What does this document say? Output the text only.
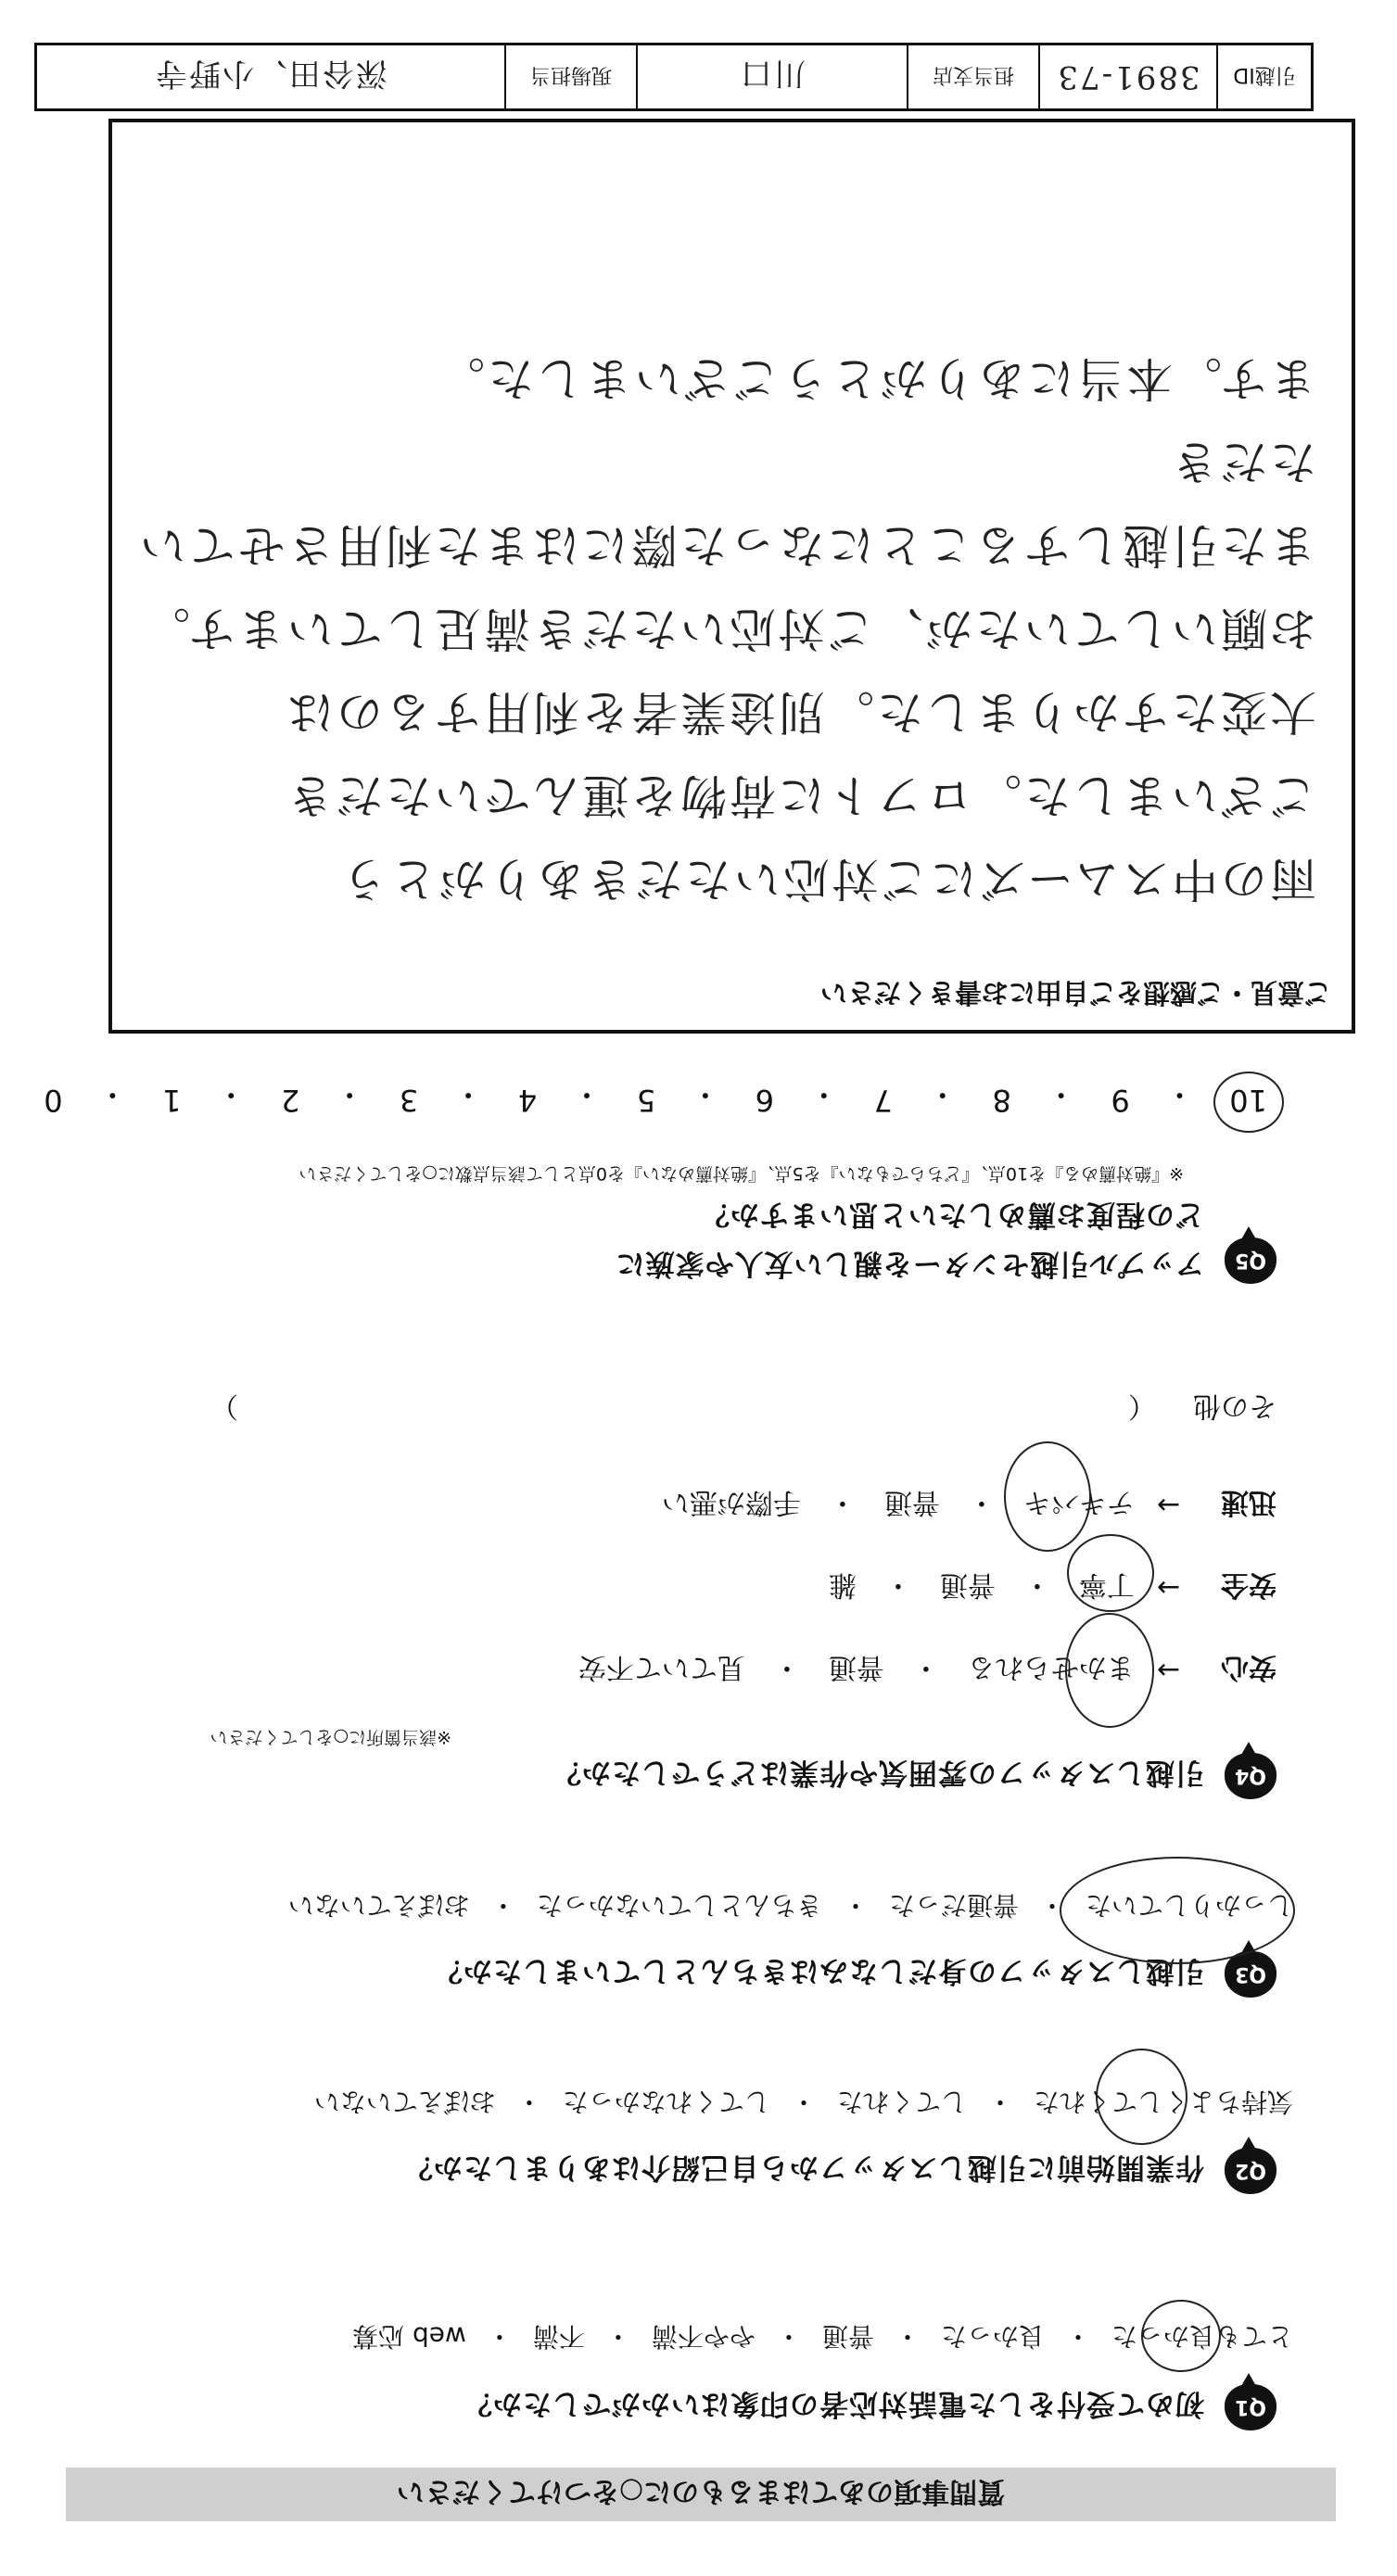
質問事項のあてはまるものに○をつけてください
Q1
初めて受付をした電話対応者の印象はいかがでしたか？
とても良かった
・
良かった
・
普通
・
やや不満
・
不満
・
web 応募
Q2
作業開始前に引越しスタッフから自己紹介はありましたか？
気持ちよくしてくれた
・
してくれた
・
してくれなかった
・
おぼえていない
Q3
引越しスタッフの身だしなみはきちんとしていましたか？
しっかりしていた
・
普通だった
・
きちんとしていなかった
・
おぼえていない
Q4
引越しスタッフの雰囲気や作業はどうでしたか？
※該当箇所に○をしてください
安心
→
まかせられる
・
普通
・
見ていて不安
安全
→
丁寧
・
普通
・
雑
迅速
→
テキパキ
・
普通
・
手際が悪い
その他
（　　　　　　　　　　　　　　　　　　　　　　　　　　　　　　　　）
Q5
アップル引越センターを親しい友人や家族に
どの程度お薦めしたいと思いますか？
※『絶対薦める』を10点、『どちらでもない』を5点、『絶対薦めない』を0点として該当点数に○をしてください
10
・
9
・
8
・
7
・
6
・
5
・
4
・
3
・
2
・
1
・
0
ご意見・ご感想をご自由にお書きください
雨の中スムーズにご対応いただきありがとう
ございました。ロフトに荷物を運んでいただき
大変たすかりました。別途業者を利用するのは
お願いしていたが、ご対応いただき満足しています。
また引越しすることになった際にはまた利用させていただき
ます。本当にありがとうございました。
引越ID
3891-73
担当支店
川口
現場担当
深谷田、小野寺
